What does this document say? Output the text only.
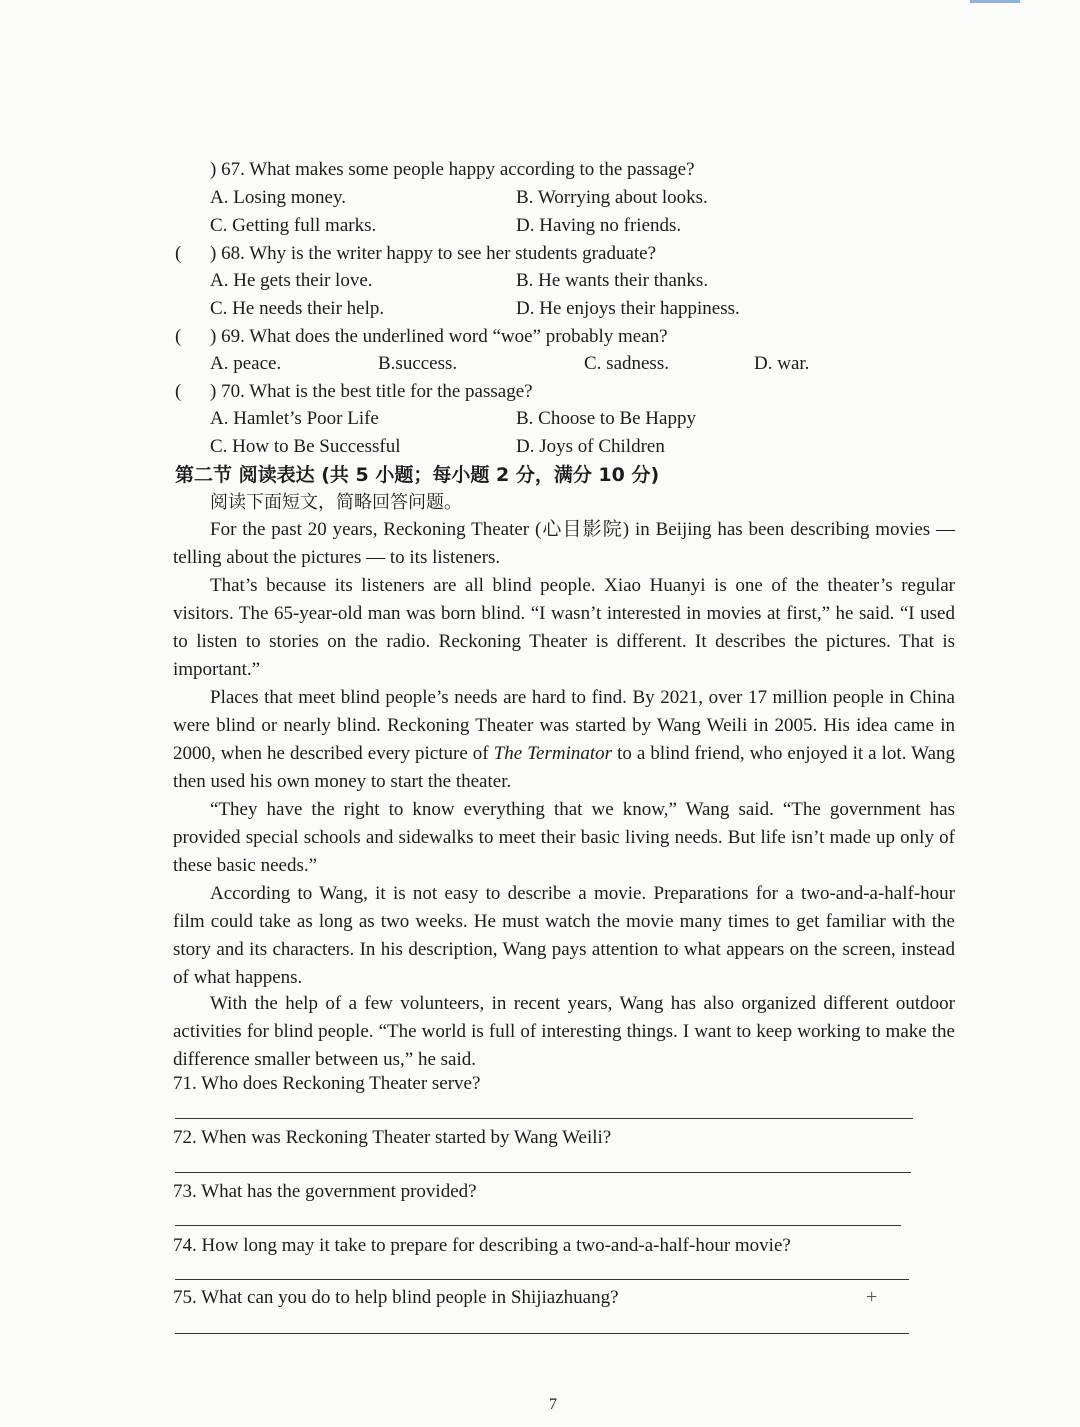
) 67. What makes some people happy according to the passage?
A. Losing money.	B. Worrying about looks.
C. Getting full marks.	D. Having no friends.
( ) 68. Why is the writer happy to see her students graduate?
A. He gets their love.	B. He wants their thanks.
C. He needs their help.	D. He enjoys their happiness.
( ) 69. What does the underlined word “woe” probably mean?
A. peace.	B.success.	C. sadness.	D. war.
( ) 70. What is the best title for the passage?
A. Hamlet’s Poor Life	B. Choose to Be Happy
C. How to Be Successful	D. Joys of Children
第二节 阅读表达 (共 5 小题；每小题 2 分，满分 10 分)
阅读下面短文，简略回答问题。

For the past 20 years, Reckoning Theater (心目影院) in Beijing has been describing movies — telling about the pictures — to its listeners.

That’s because its listeners are all blind people. Xiao Huanyi is one of the theater’s regular visitors. The 65-year-old man was born blind. “I wasn’t interested in movies at first,” he said. “I used to listen to stories on the radio. Reckoning Theater is different. It describes the pictures. That is important.”

Places that meet blind people’s needs are hard to find. By 2021, over 17 million people in China were blind or nearly blind. Reckoning Theater was started by Wang Weili in 2005. His idea came in 2000, when he described every picture of The Terminator to a blind friend, who enjoyed it a lot. Wang then used his own money to start the theater.

“They have the right to know everything that we know,” Wang said. “The government has provided special schools and sidewalks to meet their basic living needs. But life isn’t made up only of these basic needs.”

According to Wang, it is not easy to describe a movie. Preparations for a two-and-a-half-hour film could take as long as two weeks. He must watch the movie many times to get familiar with the story and its characters. In his description, Wang pays attention to what appears on the screen, instead of what happens.

With the help of a few volunteers, in recent years, Wang has also organized different outdoor activities for blind people. “The world is full of interesting things. I want to keep working to make the difference smaller between us,” he said.

71. Who does Reckoning Theater serve?
72. When was Reckoning Theater started by Wang Weili?
73. What has the government provided?
74. How long may it take to prepare for describing a two-and-a-half-hour movie?
75. What can you do to help blind people in Shijiazhuang?	+
7
